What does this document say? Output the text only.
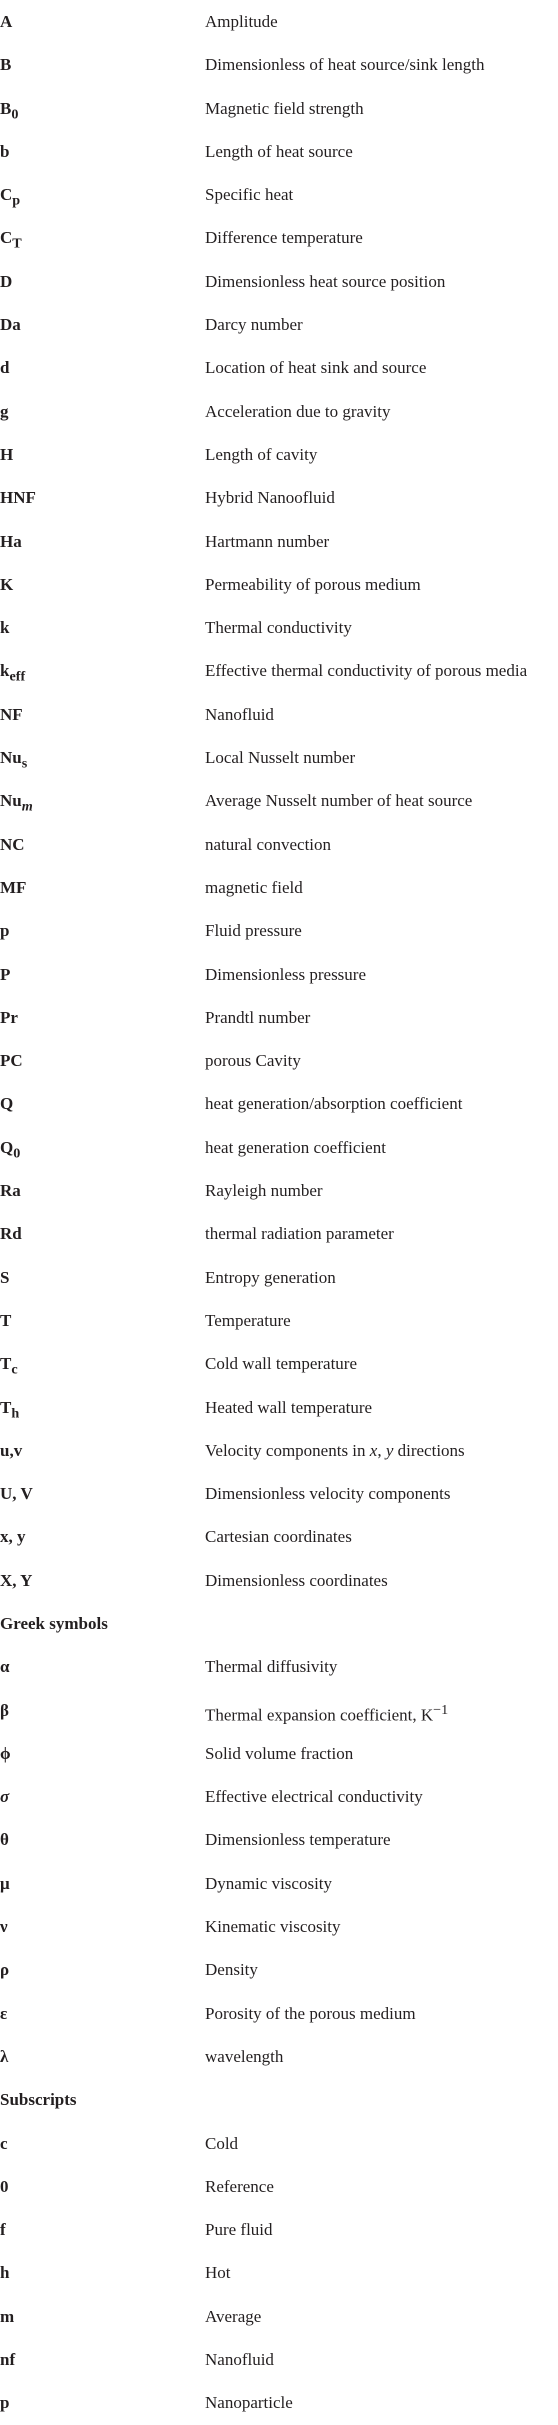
A	Amplitude
B	Dimensionless of heat source/sink length
$B_0$	Magnetic field strength
b	Length of heat source
$C_p$	Specific heat
$C_T$	Difference temperature
D	Dimensionless heat source position
Da	Darcy number
d	Location of heat sink and source
g	Acceleration due to gravity
H	Length of cavity
HNF	Hybrid Nanoofluid
Ha	Hartmann number
K	Permeability of porous medium
k	Thermal conductivity
$k_{eff}$	Effective thermal conductivity of porous media
NF	Nanofluid
$Nu_s$	Local Nusselt number
$Nu_m$	Average Nusselt number of heat source
NC	natural convection
MF	magnetic field
p	Fluid pressure
P	Dimensionless pressure
Pr	Prandtl number
PC	porous Cavity
Q	heat generation/absorption coefficient
$Q_0$	heat generation coefficient
Ra	Rayleigh number
Rd	thermal radiation parameter
S	Entropy generation
T	Temperature
$T_c$	Cold wall temperature
$T_h$	Heated wall temperature
u,v	Velocity components in x, y directions
U, V	Dimensionless velocity components
x, y	Cartesian coordinates
X, Y	Dimensionless coordinates
Greek symbols
α	Thermal diffusivity
β	Thermal expansion coefficient, $K^{-1}$
ϕ	Solid volume fraction
σ	Effective electrical conductivity
θ	Dimensionless temperature
μ	Dynamic viscosity
ν	Kinematic viscosity
ρ	Density
ε	Porosity of the porous medium
λ	wavelength
Subscripts
c	Cold
0	Reference
f	Pure fluid
h	Hot
m	Average
nf	Nanofluid
p	Nanoparticle
